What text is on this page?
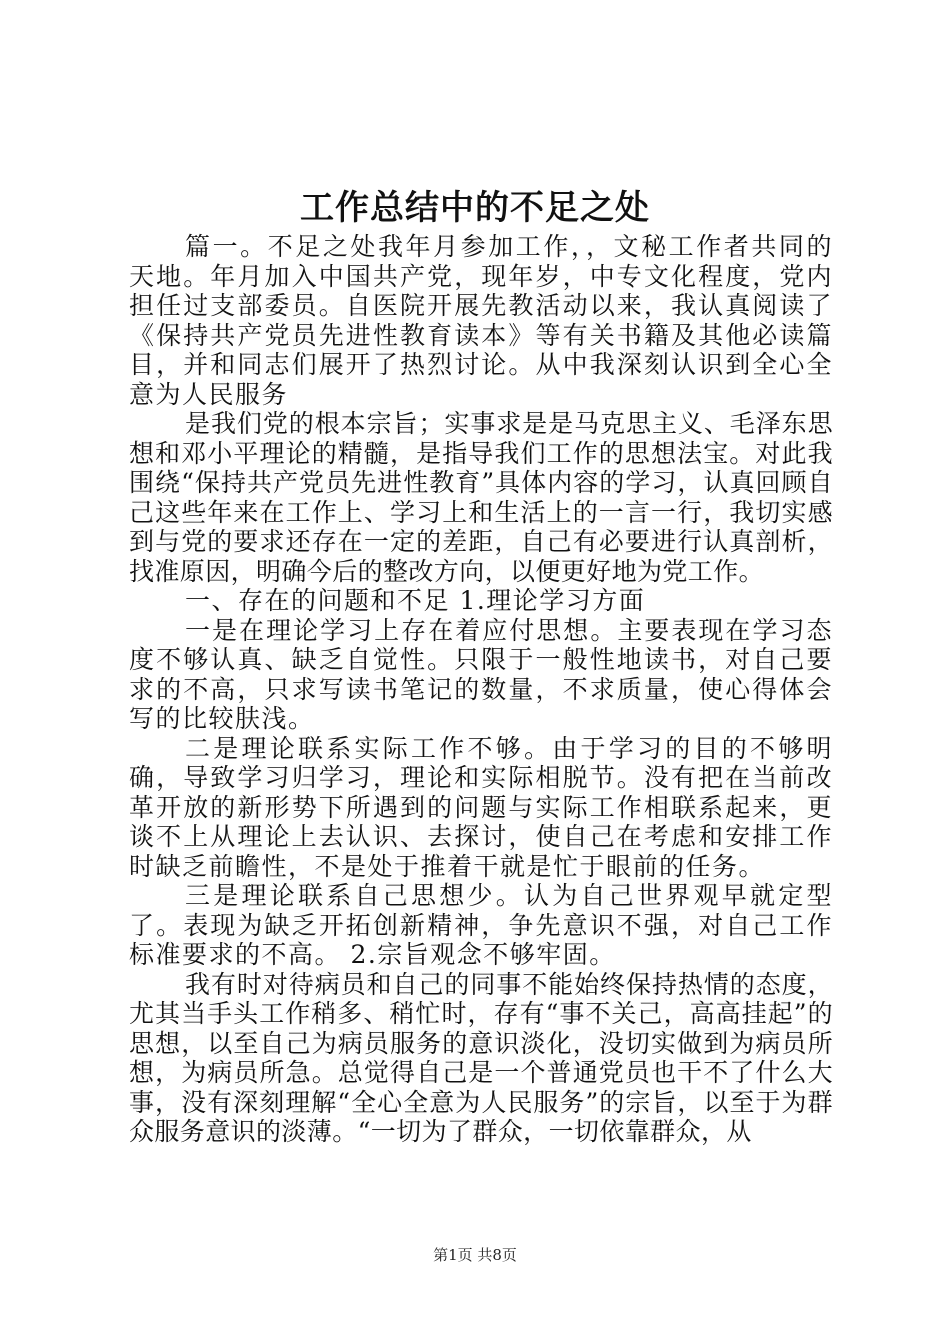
工作总结中的不足之处

篇一。不足之处我年月参加工作，，文秘工作者共同的天地。年月加入中国共产党，现年岁，中专文化程度，党内担任过支部委员。自医院开展先教活动以来，我认真阅读了《保持共产党员先进性教育读本》等有关书籍及其他必读篇目，并和同志们展开了热烈讨论。从中我深刻认识到全心全意为人民服务

是我们党的根本宗旨；实事求是是马克思主义、毛泽东思想和邓小平理论的精髓，是指导我们工作的思想法宝。对此我围绕“保持共产党员先进性教育”具体内容的学习，认真回顾自己这些年来在工作上、学习上和生活上的一言一行，我切实感到与党的要求还存在一定的差距，自己有必要进行认真剖析，找准原因，明确今后的整改方向，以便更好地为党工作。

一、存在的问题和不足 1.理论学习方面

一是在理论学习上存在着应付思想。主要表现在学习态度不够认真、缺乏自觉性。只限于一般性地读书，对自己要求的不高，只求写读书笔记的数量，不求质量，使心得体会写的比较肤浅。

二是理论联系实际工作不够。由于学习的目的不够明确，导致学习归学习，理论和实际相脱节。没有把在当前改革开放的新形势下所遇到的问题与实际工作相联系起来，更谈不上从理论上去认识、去探讨，使自己在考虑和安排工作时缺乏前瞻性，不是处于推着干就是忙于眼前的任务。

三是理论联系自己思想少。认为自己世界观早就定型了。表现为缺乏开拓创新精神，争先意识不强，对自己工作标准要求的不高。 2.宗旨观念不够牢固。

我有时对待病员和自己的同事不能始终保持热情的态度，尤其当手头工作稍多、稍忙时，存有“事不关己，高高挂起”的思想，以至自己为病员服务的意识淡化，没切实做到为病员所想，为病员所急。总觉得自己是一个普通党员也干不了什么大事，没有深刻理解“全心全意为人民服务”的宗旨，以至于为群众服务意识的淡薄。“一切为了群众，一切依靠群众，从

第1页 共8页
